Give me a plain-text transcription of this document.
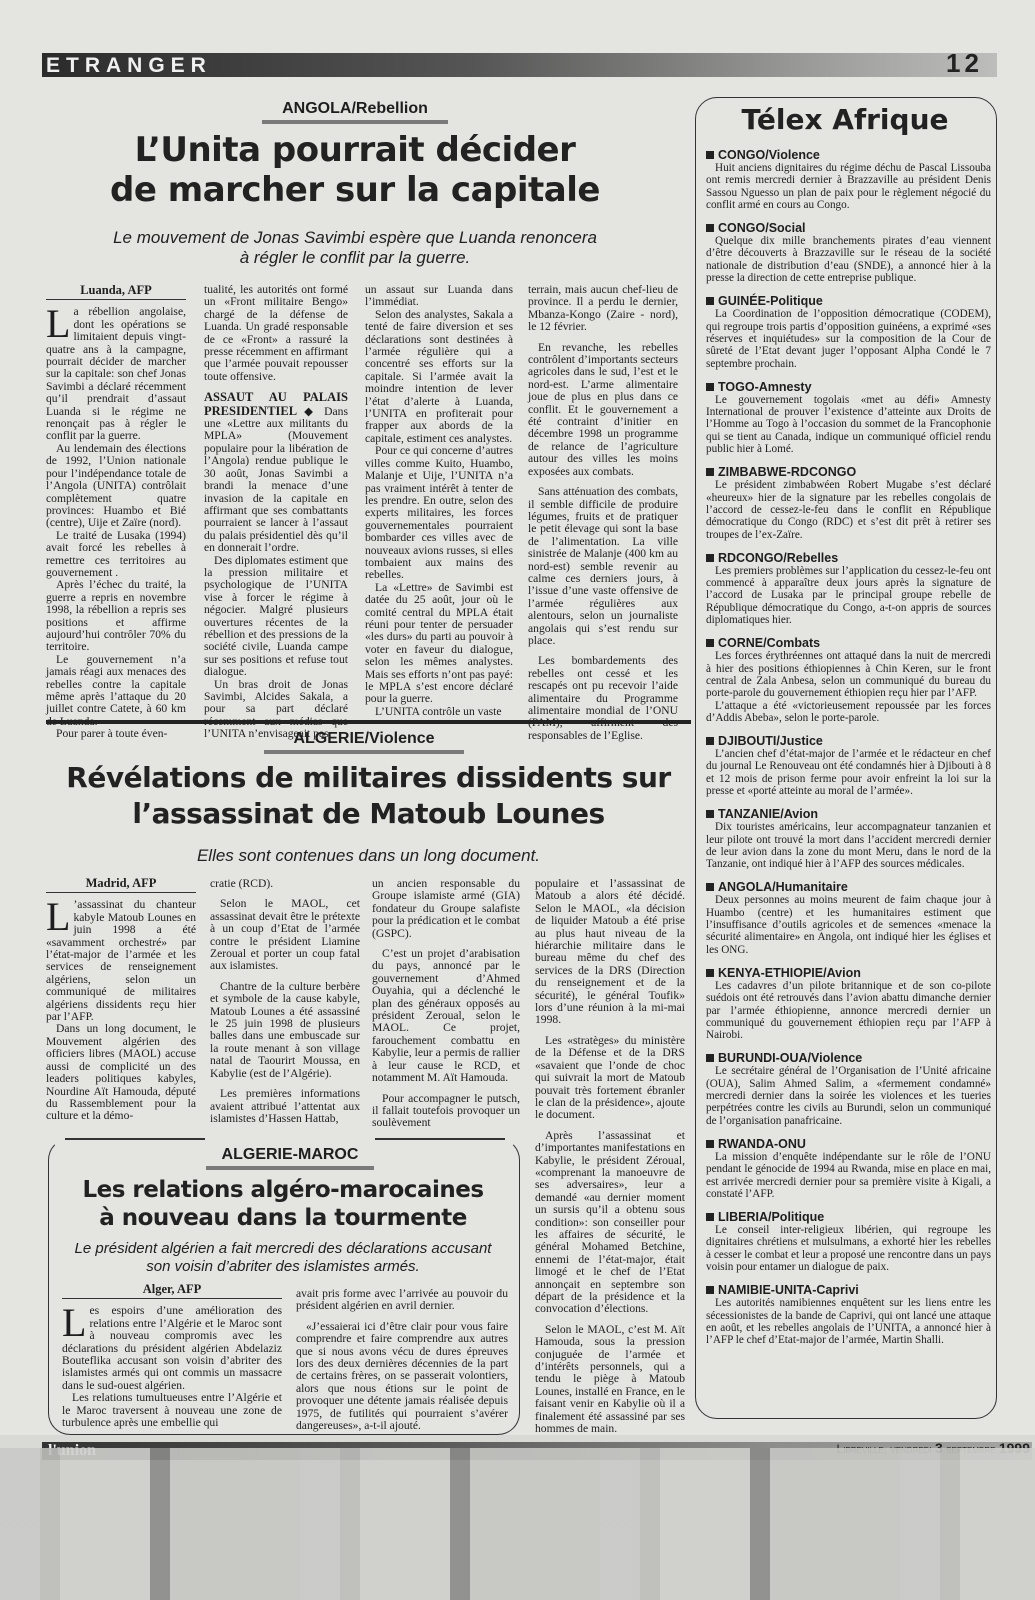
ETRANGER	12
ANGOLA/Rebellion
L’Unita pourrait décider
de marcher sur la capitale
Le mouvement de Jonas Savimbi espère que Luanda renoncera
à régler le conflit par la guerre.
Luanda, AFP

La rébellion angolaise, dont les opérations se limitaient depuis vingt-quatre ans à la campagne, pourrait décider de marcher sur la capitale: son chef Jonas Savimbi a déclaré récemment qu’il prendrait d’assaut Luanda si le régime ne renonçait pas à régler le conflit par la guerre.

Au lendemain des élections de 1992, l’Union nationale pour l’indépendance totale de l’Angola (UNITA) contrôlait complètement quatre provinces: Huambo et Bié (centre), Uije et Zaïre (nord).

Le traité de Lusaka (1994) avait forcé les rebelles à remettre ces territoires au gouvernement .

Après l’échec du traité, la guerre a repris en novembre 1998, la rébellion a repris ses positions et affirme aujourd’hui contrôler 70% du territoire.

Le gouvernement n’a jamais réagi aux menaces des rebelles contre la capitale même après l’attaque du 20 juillet contre Catete, à 60 km

Pour parer à toute éven-

tualité, les autorités ont formé un «Front militaire Bengo» chargé de la défense de Luanda. Un gradé responsable de ce «Front» a rassuré la presse récemment en affirmant que l’armée pouvait repousser toute offensive.

ASSAUT AU PALAIS PRESIDENTIEL ◆ Dans une «Lettre aux militants du MPLA» (Mouvement populaire pour la libération de l’Angola) rendue publique le 30 août, Jonas Savimbi a brandi la menace d’une invasion de la capitale en affirmant que ses combattants pourraient se lancer à l’assaut du palais présidentiel dès qu’il en donnerait l’ordre.

Des diplomates estiment que la pression militaire et psychologique de l’UNITA vise à forcer le régime à négocier. Malgré plusieurs ouvertures récentes de la rébellion et des pressions de la société civile, Luanda campe sur ses positions et refuse tout dialogue.

Un bras droit de Jonas Savimbi, Alcides Sakala, a pour sa part déclaré l’UNITA n’envisageait pas

un assaut sur Luanda dans l’immédiat.

Selon des analystes, Sakala a tenté de faire diversion et ses déclarations sont destinées à l’armée régulière qui a concentré ses efforts sur la capitale. Si l’armée avait la moindre intention de lever l’état d’alerte à Luanda, l’UNITA en profiterait pour frapper aux abords de la capitale, estiment ces analystes.

Pour ce qui concerne d’autres villes comme Kuito, Huambo, Malanje et Uije, l’UNITA n’a pas vraiment intérêt à tenter de les prendre. En outre, selon des experts militaires, les forces gouvernementales pourraient bombarder ces villes avec de nouveaux avions russes, si elles tombaient aux mains des rebelles.

La «Lettre» de Savimbi est datée du 25 août, jour où le comité central du MPLA était réuni pour tenter de persuader «les durs» du parti au pouvoir à voter en faveur du dialogue, selon les mêmes analystes. Mais ses efforts n’ont pas payé: le MPLA s’est encore déclaré pour la guerre.

L’UNITA contrôle un vaste

terrain, mais aucun chef-lieu de province. Il a perdu le dernier, Mbanza-Kongo (Zaire - nord), le 12 février.

En revanche, les rebelles contrôlent d’importants secteurs agricoles dans le sud, l’est et le nord-est. L’arme alimentaire joue de plus en plus dans ce conflit. Et le gouvernement a été contraint d’initier en décembre 1998 un programme de relance de l’agriculture autour des villes les moins exposées aux combats.

Sans atténuation des combats, il semble difficile de produire légumes, fruits et de pratiquer le petit élevage qui sont la base de l’alimentation. La ville sinistrée de Malanje (400 km au nord-est) semble revenir au calme ces derniers jours, à l’issue d’une vaste offensive de l’armée régulières aux alentours, selon un journaliste angolais qui s’est rendu sur place.

Les bombardements des rebelles ont cessé et les rescapés ont pu recevoir l’aide alimentaire du Programme alimentaire mondial de l’ONU responsables de l’Eglise.

ALGERIE/Violence
Révélations de militaires dissidents sur
l’assassinat de Matoub Lounes
Elles sont contenues dans un long document.
Madrid, AFP

L ’assassinat du chanteur kabyle Matoub Lounes en juin 1998 a été «savamment orchestré» par l’état-major de l’armée et les services de renseignement algériens, selon un communiqué de militaires algériens dissidents reçu hier par l’AFP.

Dans un long document, le Mouvement algérien des officiers libres (MAOL) accuse aussi de complicité un des leaders politiques kabyles, Nourdine Aït Hamouda, député du Rassemblement pour la culture et la démo-

cratie (RCD).

Selon le MAOL, cet assassinat devait être le prétexte à un coup d’Etat de l’armée contre le président Liamine Zeroual et porter un coup fatal aux islamistes.

Chantre de la culture berbère et symbole de la cause kabyle, Matoub Lounes a été assassiné le 25 juin 1998 de plusieurs balles dans une embuscade sur la route menant à son village natal de Taourirt Moussa, en Kabylie (est de l’Algérie).

Les premières informations avaient attribué l’attentat aux islamistes d’Hassen Hattab,

un ancien responsable du Groupe islamiste armé (GIA) fondateur du Groupe salafiste pour la prédication et le combat (GSPC).

C’est un projet d’arabisation du pays, annoncé par le gouvernement d’Ahmed Ouyahia, qui a déclenché le plan des généraux opposés au président Zeroual, selon le MAOL. Ce projet, farouchement combattu en Kabylie, leur a permis de rallier à leur cause le RCD, et notamment M. Aït Hamouda.

Pour accompagner le putsch, il fallait toutefois provoquer un soulèvement

populaire et l’assassinat de Matoub a alors été décidé. Selon le MAOL, «la décision de liquider Matoub a été prise au plus haut niveau de la hiérarchie militaire dans le bureau même du chef des services de la DRS (Direction du renseignement et de la sécurité), le général Toufik» lors d’une réunion à la mi-mai 1998.

Les «stratèges» du ministère de la Défense et de la DRS «savaient que l’onde de choc qui suivrait la mort de Matoub pouvait très fortement ébranler le clan de la présidence», ajoute le document.

Après l’assassinat et d’importantes manifestations en Kabylie, le président Zéroual, «comprenant la manoeuvre de ses adversaires», leur a demandé «au dernier moment un sursis qu’il a obtenu sous condition»: son conseiller pour les affaires de sécurité, le général Mohamed Betchine, ennemi de l’état-major, était limogé et le chef de l’Etat annonçait en septembre son départ de la présidence et la convocation d’élections.

Selon le MAOL, c’est M. Aït Hamouda, sous la pression conjuguée de l’armée et d’intérêts personnels, qui a tendu le piège à Matoub Lounes, installé en France, en le faisant venir en Kabylie où il a finalement été assassiné par ses hommes de main.

ALGERIE-MAROC
Les relations algéro-marocaines
à nouveau dans la tourmente
Le président algérien a fait mercredi des déclarations accusant
son voisin d’abriter des islamistes armés.
Alger, AFP

Les espoirs d’une amélioration des relations entre l’Algérie et le Maroc sont à nouveau compromis avec les déclarations du président algérien Abdelaziz Bouteflika accusant son voisin d’abriter des islamistes armés qui ont commis un massacre dans le sud-ouest algérien.

Les relations tumultueuses entre l’Algérie et le Maroc traversent à nouveau une zone de turbulence après une embellie qui

avait pris forme avec l’arrivée au pouvoir du président algérien en avril dernier.

«J’essaierai ici d’être clair pour vous faire comprendre et faire comprendre aux autres que si nous avons vécu de dures épreuves lors des deux dernières décennies de la part de certains frères, on se passerait volontiers, alors que nous étions sur le point de provoquer une détente jamais réalisée depuis 1975, de futilités qui pourraient s’avérer dangereuses», a-t-il ajouté.

Télex Afrique
CONGO/Violence
Huit anciens dignitaires du régime déchu de Pascal Lissouba ont remis mercredi dernier à Brazzaville au président Denis Sassou Nguesso un plan de paix pour le règlement négocié du conflit armé en cours au Congo.
CONGO/Social
Quelque dix mille branchements pirates d’eau viennent d’être découverts à Brazzaville sur le réseau de la société nationale de distribution d’eau (SNDE), a annoncé hier à la presse la direction de cette entreprise publique.
GUINÉE-Politique
La Coordination de l’opposition démocratique (CODEM), qui regroupe trois partis d’opposition guinéens, a exprimé «ses réserves et inquiétudes» sur la composition de la Cour de sûreté de l’Etat devant juger l’opposant Alpha Condé le 7 septembre prochain.
TOGO-Amnesty
Le gouvernement togolais «met au défi» Amnesty International de prouver l’existence d’atteinte aux Droits de l’Homme au Togo à l’occasion du sommet de la Francophonie qui se tient au Canada, indique un communiqué officiel rendu public hier à Lomé.
ZIMBABWE-RDCONGO
Le président zimbabwéen Robert Mugabe s’est déclaré «heureux» hier de la signature par les rebelles congolais de l’accord de cessez-le-feu dans le conflit en République démocratique du Congo (RDC) et s’est dit prêt à retirer ses troupes de l’ex-Zaïre.
RDCONGO/Rebelles
Les premiers problèmes sur l’application du cessez-le-feu ont commencé à apparaître deux jours après la signature de l’accord de Lusaka par le principal groupe rebelle de République démocratique du Congo, a-t-on appris de sources diplomatiques hier.
CORNE/Combats
Les forces érythréennes ont attaqué dans la nuit de mercredi à hier des positions éthiopiennes à Chin Keren, sur le front central de Zala Anbesa, selon un communiqué du bureau du porte-parole du gouvernement éthiopien reçu hier par l’AFP.
L’attaque a été «victorieusement repoussée par les forces d’Addis Abeba», selon le porte-parole.
DJIBOUTI/Justice
L’ancien chef d’état-major de l’armée et le rédacteur en chef du journal Le Renouveau ont été condamnés hier à Djibouti à 8 et 12 mois de prison ferme pour avoir enfreint la loi sur la presse et «porté atteinte au moral de l’armée».
TANZANIE/Avion
Dix touristes américains, leur accompagnateur tanzanien et leur pilote ont trouvé la mort dans l’accident mercredi dernier de leur avion dans la zone du mont Meru, dans le nord de la Tanzanie, ont indiqué hier à l’AFP des sources médicales.
ANGOLA/Humanitaire
Deux personnes au moins meurent de faim chaque jour à Huambo (centre) et les humanitaires estiment que l’insuffisance d’outils agricoles et de semences «menace la sécurité alimentaire» en Angola, ont indiqué hier les églises et les ONG.
KENYA-ETHIOPIE/Avion
Les cadavres d’un pilote britannique et de son co-pilote suédois ont été retrouvés dans l’avion abattu dimanche dernier par l’armée éthiopienne, annonce mercredi dernier un communiqué du gouvernement éthiopien reçu par l’AFP à Nairobi.
BURUNDI-OUA/Violence
Le secrétaire général de l’Organisation de l’Unité africaine (OUA), Salim Ahmed Salim, a «fermement condamné» mercredi dernier dans la soirée les violences et les tueries perpétrées contre les civils au Burundi, selon un communiqué de l’organisation panafricaine.
RWANDA-ONU
La mission d’enquête indépendante sur le rôle de l’ONU pendant le génocide de 1994 au Rwanda, mise en place en mai, est arrivée mercredi dernier pour sa première visite à Kigali, a constaté l’AFP.
LIBERIA/Politique
Le conseil inter-religieux libérien, qui regroupe les dignitaires chrétiens et mulsulmans, a exhorté hier les rebelles à cesser le combat et leur a proposé une rencontre dans un pays voisin pour entamer un dialogue de paix.
NAMIBIE-UNITA-Caprivi
Les autorités namibiennes enquêtent sur les liens entre les sécessionistes de la bande de Caprivi, qui ont lancé une attaque en août, et les rebelles angolais de l’UNITA, a annoncé hier à l’AFP le chef d’Etat-major de l’armée, Martin Shalli.
